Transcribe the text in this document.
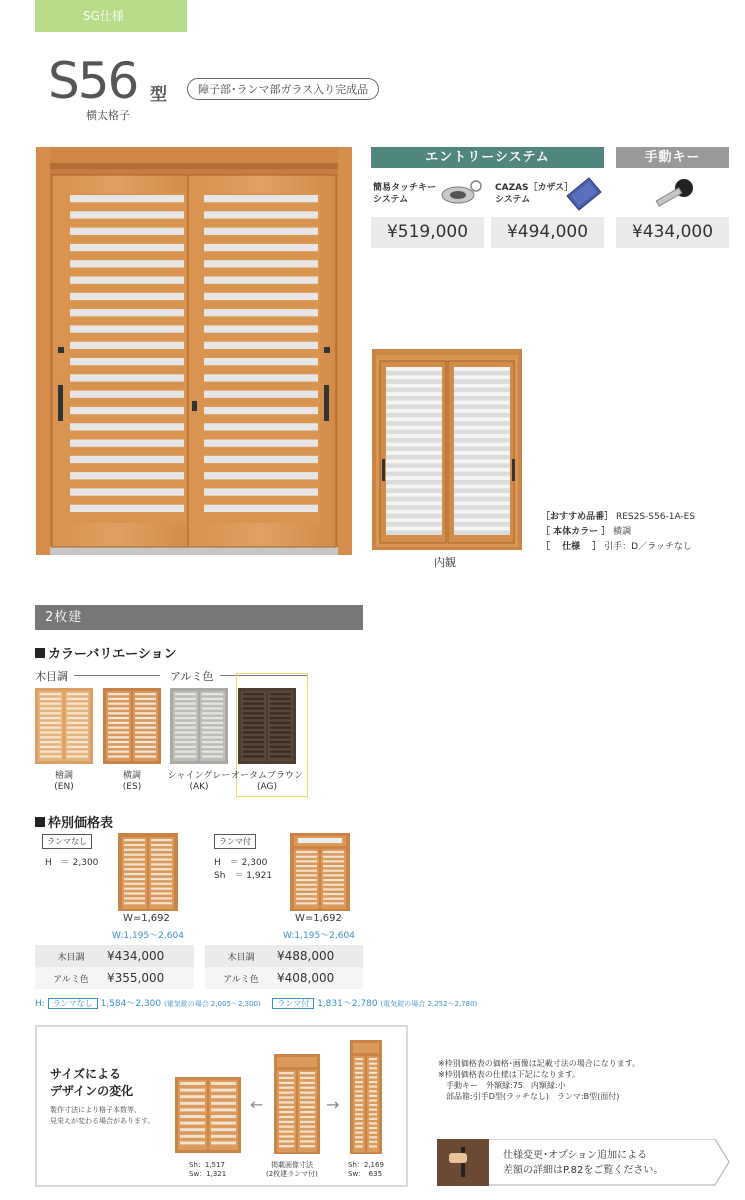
SG仕様
S56 型
横太格子
障子部･ランマ部ガラス入り完成品
エントリーシステム	手動キー
簡易タッチキー
システム
CAZAS［カザス］
システム
¥519,000	¥494,000	¥434,000
内観
［おすすめ品番］ RES2S-S56-1A-ES
［ 本体カラー ］ 横調
［　 仕様　 ］ 引手：D／ラッチなし
2枚建
カラーバリエーション
木目調	アルミ色
檜調
(EN)
横調
(ES)
シャイングレー
(AK)
オータムブラウン
(AG)
枠別価格表
ランマなし
H　＝ 2,300
W=1,692
W:1,195～2,604
木目調 ¥434,000
アルミ色 ¥355,000
ランマ付
H　＝ 2,300
Sh　＝ 1,921
W=1,692
W:1,195～2,604
木目調 ¥488,000
アルミ色 ¥408,000
H: ランマなし 1,584～2,300 (電気錠の場合 2,005～2,300) ランマ付 1,831～2,780 (電気錠の場合 2,252～2,780)
サイズによる
デザインの変化
製作寸法により格子本数等、
見栄えが変わる場合があります。
←	→
Sh：1,517
Sw：1,321
掲載画像寸法
(2枚建ランマ付)
Sh：2,169
Sw：　635
※枠別価格表の価格･画像は記載寸法の場合になります。
※枠別価格表の仕様は下記になります。
　手動キー　外額縁:75　内額縁:小
　部品箱:引手D型(ラッチなし)　ランマ:B型(面付)
仕様変更･オプション追加による
差額の詳細はP.82をご覧ください。
